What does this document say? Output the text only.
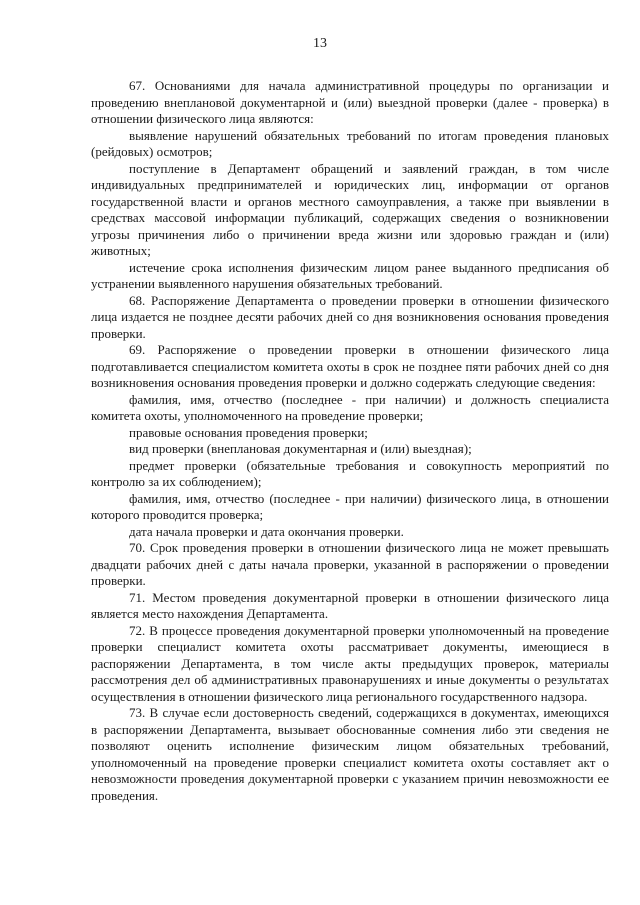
13

67. Основаниями для начала административной процедуры по организации и проведению внеплановой документарной и (или) выездной проверки (далее - проверка) в отношении физического лица являются:

выявление нарушений обязательных требований по итогам проведения плановых (рейдовых) осмотров;

поступление в Департамент обращений и заявлений граждан, в том числе индивидуальных предпринимателей и юридических лиц, информации от органов государственной власти и органов местного самоуправления, а также при выявлении в средствах массовой информации публикаций, содержащих сведения о возникновении угрозы причинения либо о причинении вреда жизни или здоровью граждан и (или) животных;

истечение срока исполнения физическим лицом ранее выданного предписания об устранении выявленного нарушения обязательных требований.

68. Распоряжение Департамента о проведении проверки в отношении физического лица издается не позднее десяти рабочих дней со дня возникновения основания проведения проверки.

69. Распоряжение о проведении проверки в отношении физического лица подготавливается специалистом комитета охоты в срок не позднее пяти рабочих дней со дня возникновения основания проведения проверки и должно содержать следующие сведения:

фамилия, имя, отчество (последнее - при наличии) и должность специалиста комитета охоты, уполномоченного на проведение проверки;

правовые основания проведения проверки;

вид проверки (внеплановая документарная и (или) выездная);

предмет проверки (обязательные требования и совокупность мероприятий по контролю за их соблюдением);

фамилия, имя, отчество (последнее - при наличии) физического лица, в отношении которого проводится проверка;

дата начала проверки и дата окончания проверки.

70. Срок проведения проверки в отношении физического лица не может превышать двадцати рабочих дней с даты начала проверки, указанной в распоряжении о проведении проверки.

71. Местом проведения документарной проверки в отношении физического лица является место нахождения Департамента.

72. В процессе проведения документарной проверки уполномоченный на проведение проверки специалист комитета охоты рассматривает документы, имеющиеся в распоряжении Департамента, в том числе акты предыдущих проверок, материалы рассмотрения дел об административных правонарушениях и иные документы о результатах осуществления в отношении физического лица регионального государственного надзора.

73. В случае если достоверность сведений, содержащихся в документах, имеющихся в распоряжении Департамента, вызывает обоснованные сомнения либо эти сведения не позволяют оценить исполнение физическим лицом обязательных требований, уполномоченный на проведение проверки специалист комитета охоты составляет акт о невозможности проведения документарной проверки с указанием причин невозможности ее проведения.
